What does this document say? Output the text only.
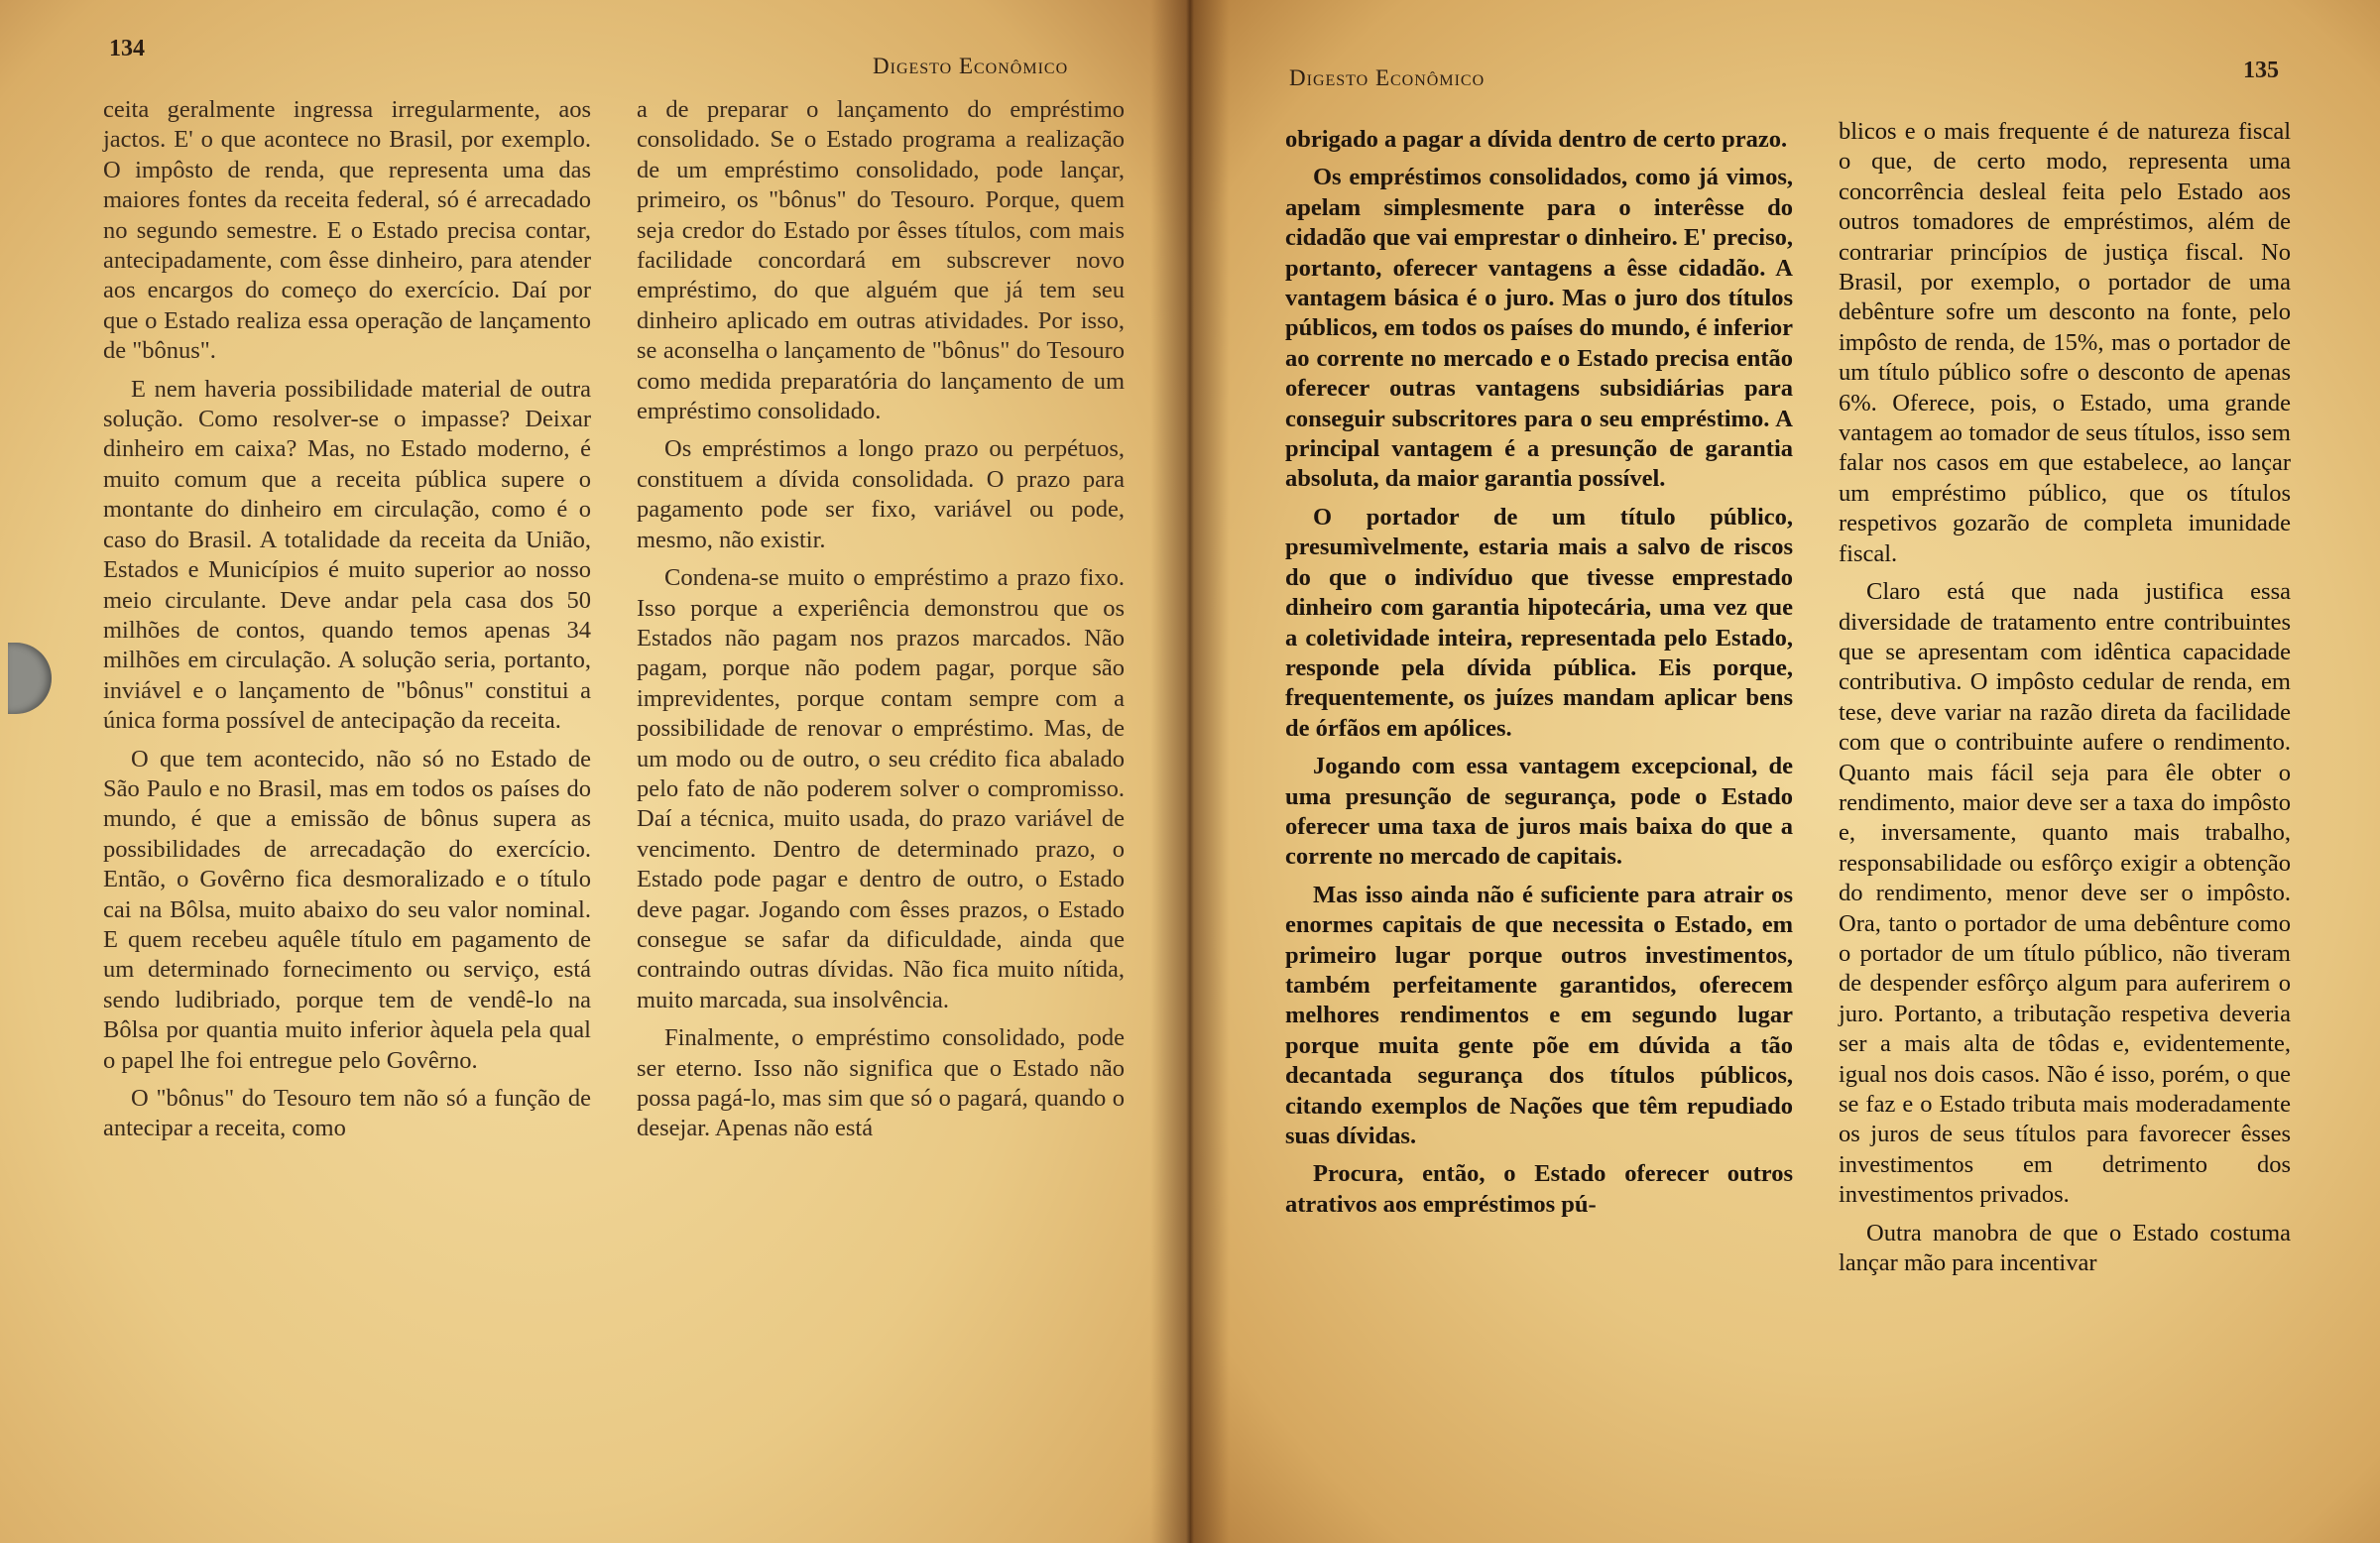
134
Digesto Econômico

ceita geralmente ingressa irregularmente, aos jactos. E' o que acontece no Brasil, por exemplo. O impôsto de renda, que representa uma das maiores fontes da receita federal, só é arrecadado no segundo semestre. E o Estado precisa contar, antecipadamente, com êsse dinheiro, para atender aos encargos do começo do exercício. Daí por que o Estado realiza essa operação de lançamento de "bônus".

E nem haveria possibilidade material de outra solução. Como resolver-se o impasse? Deixar dinheiro em caixa? Mas, no Estado moderno, é muito comum que a receita pública supere o montante do dinheiro em circulação, como é o caso do Brasil. A totalidade da receita da União, Estados e Municípios é muito superior ao nosso meio circulante. Deve andar pela casa dos 50 milhões de contos, quando temos apenas 34 milhões em circulação. A solução seria, portanto, inviável e o lançamento de "bônus" constitui a única forma possível de antecipação da receita.

O que tem acontecido, não só no Estado de São Paulo e no Brasil, mas em todos os países do mundo, é que a emissão de bônus supera as possibilidades de arrecadação do exercício. Então, o Govêrno fica desmoralizado e o título cai na Bôlsa, muito abaixo do seu valor nominal. E quem recebeu aquêle título em pagamento de um determinado fornecimento ou serviço, está sendo ludibriado, porque tem de vendê-lo na Bôlsa por quantia muito inferior àquela pela qual o papel lhe foi entregue pelo Govêrno.

O "bônus" do Tesouro tem não só a função de antecipar a receita, como

a de preparar o lançamento do empréstimo consolidado. Se o Estado programa a realização de um empréstimo consolidado, pode lançar, primeiro, os "bônus" do Tesouro. Porque, quem seja credor do Estado por êsses títulos, com mais facilidade concordará em subscrever novo empréstimo, do que alguém que já tem seu dinheiro aplicado em outras atividades. Por isso, se aconselha o lançamento de "bônus" do Tesouro como medida preparatória do lançamento de um empréstimo consolidado.

Os empréstimos a longo prazo ou perpétuos, constituem a dívida consolidada. O prazo para pagamento pode ser fixo, variável ou pode, mesmo, não existir.

Condena-se muito o empréstimo a prazo fixo. Isso porque a experiência demonstrou que os Estados não pagam nos prazos marcados. Não pagam, porque não podem pagar, porque são imprevidentes, porque contam sempre com a possibilidade de renovar o empréstimo. Mas, de um modo ou de outro, o seu crédito fica abalado pelo fato de não poderem solver o compromisso. Daí a técnica, muito usada, do prazo variável de vencimento. Dentro de determinado prazo, o Estado pode pagar e dentro de outro, o Estado deve pagar. Jogando com êsses prazos, o Estado consegue se safar da dificuldade, ainda que contraindo outras dívidas. Não fica muito nítida, muito marcada, sua insolvência.

Finalmente, o empréstimo consolidado, pode ser eterno. Isso não significa que o Estado não possa pagá-lo, mas sim que só o pagará, quando o desejar. Apenas não está

Digesto Econômico	135

obrigado a pagar a dívida dentro de certo prazo.

Os empréstimos consolidados, como já vimos, apelam simplesmente para o interêsse do cidadão que vai emprestar o dinheiro. E' preciso, portanto, oferecer vantagens a êsse cidadão. A vantagem básica é o juro. Mas o juro dos títulos públicos, em todos os países do mundo, é inferior ao corrente no mercado e o Estado precisa então oferecer outras vantagens subsidiárias para conseguir subscritores para o seu empréstimo. A principal vantagem é a presunção de garantia absoluta, da maior garantia possível.

O portador de um título público, presumìvelmente, estaria mais a salvo de riscos do que o indivíduo que tivesse emprestado dinheiro com garantia hipotecária, uma vez que a coletividade inteira, representada pelo Estado, responde pela dívida pública. Eis porque, frequentemente, os juízes mandam aplicar bens de órfãos em apólices.

Jogando com essa vantagem excepcional, de uma presunção de segurança, pode o Estado oferecer uma taxa de juros mais baixa do que a corrente no mercado de capitais.

Mas isso ainda não é suficiente para atrair os enormes capitais de que necessita o Estado, em primeiro lugar porque outros investimentos, também perfeitamente garantidos, oferecem melhores rendimentos e em segundo lugar porque muita gente põe em dúvida a tão decantada segurança dos títulos públicos, citando exemplos de Nações que têm repudiado suas dívidas.

Procura, então, o Estado oferecer outros atrativos aos empréstimos pú-

blicos e o mais frequente é de natureza fiscal o que, de certo modo, representa uma concorrência desleal feita pelo Estado aos outros tomadores de empréstimos, além de contrariar princípios de justiça fiscal. No Brasil, por exemplo, o portador de uma debênture sofre um desconto na fonte, pelo impôsto de renda, de 15%, mas o portador de um título público sofre o desconto de apenas 6%. Oferece, pois, o Estado, uma grande vantagem ao tomador de seus títulos, isso sem falar nos casos em que estabelece, ao lançar um empréstimo público, que os títulos respetivos gozarão de completa imunidade fiscal.

Claro está que nada justifica essa diversidade de tratamento entre contribuintes que se apresentam com idêntica capacidade contributiva. O impôsto cedular de renda, em tese, deve variar na razão direta da facilidade com que o contribuinte aufere o rendimento. Quanto mais fácil seja para êle obter o rendimento, maior deve ser a taxa do impôsto e, inversamente, quanto mais trabalho, responsabilidade ou esfôrço exigir a obtenção do rendimento, menor deve ser o impôsto. Ora, tanto o portador de uma debênture como o portador de um título público, não tiveram de despender esfôrço algum para auferirem o juro. Portanto, a tributação respetiva deveria ser a mais alta de tôdas e, evidentemente, igual nos dois casos. Não é isso, porém, o que se faz e o Estado tributa mais moderadamente os juros de seus títulos para favorecer êsses investimentos em detrimento dos investimentos privados.

Outra manobra de que o Estado costuma lançar mão para incentivar
